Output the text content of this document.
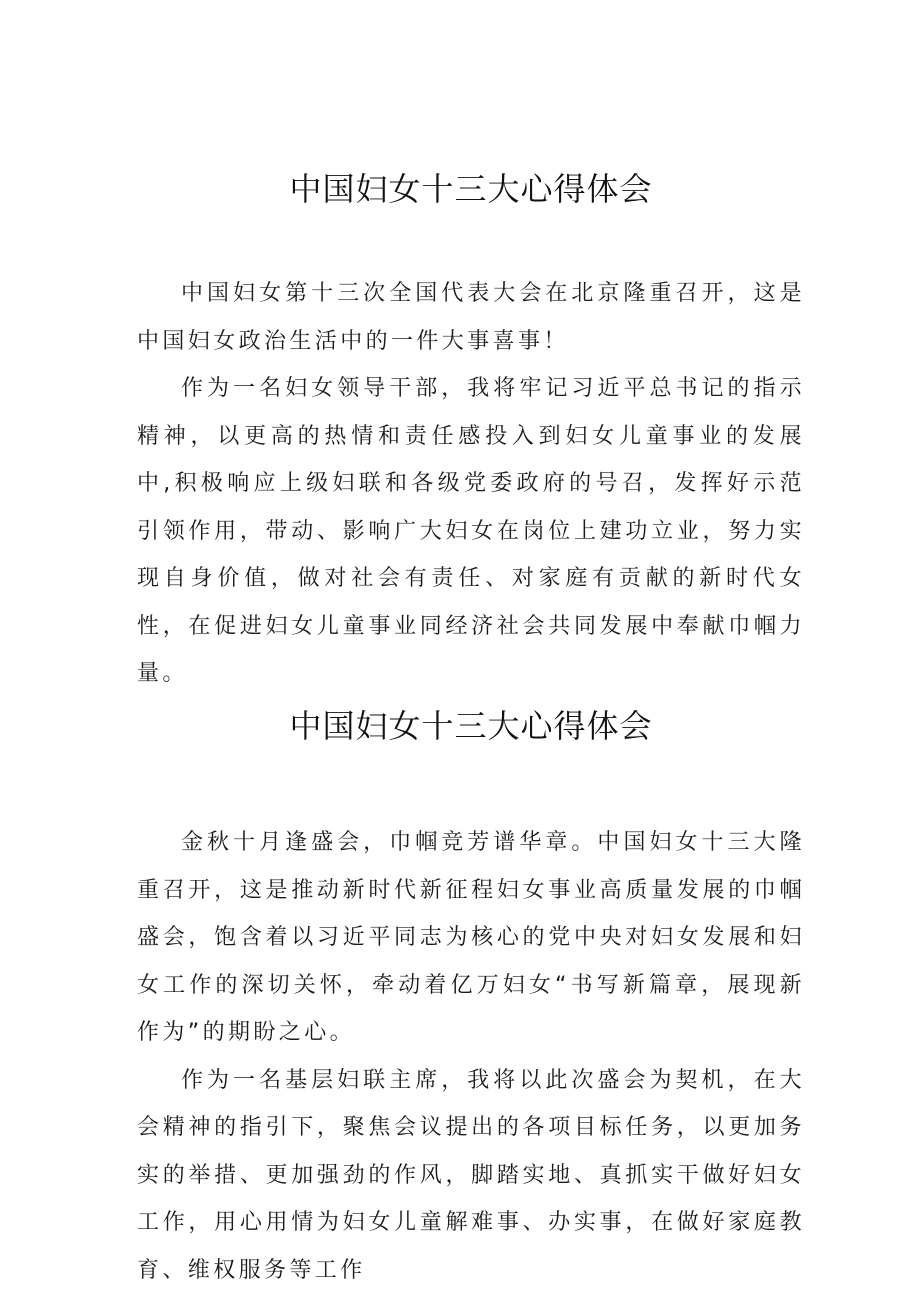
中国妇女十三大心得体会

中国妇女第十三次全国代表大会在北京隆重召开，这是中国妇女政治生活中的一件大事喜事！

作为一名妇女领导干部，我将牢记习近平总书记的指示精神，以更高的热情和责任感投入到妇女儿童事业的发展中,积极响应上级妇联和各级党委政府的号召，发挥好示范引领作用，带动、影响广大妇女在岗位上建功立业，努力实现自身价值，做对社会有责任、对家庭有贡献的新时代女性，在促进妇女儿童事业同经济社会共同发展中奉献巾帼力量。

中国妇女十三大心得体会

金秋十月逢盛会，巾帼竞芳谱华章。中国妇女十三大隆重召开，这是推动新时代新征程妇女事业高质量发展的巾帼盛会，饱含着以习近平同志为核心的党中央对妇女发展和妇女工作的深切关怀，牵动着亿万妇女“书写新篇章，展现新作为”的期盼之心。

作为一名基层妇联主席，我将以此次盛会为契机，在大会精神的指引下，聚焦会议提出的各项目标任务，以更加务实的举措、更加强劲的作风，脚踏实地、真抓实干做好妇女工作，用心用情为妇女儿童解难事、办实事，在做好家庭教育、维权服务等工作
